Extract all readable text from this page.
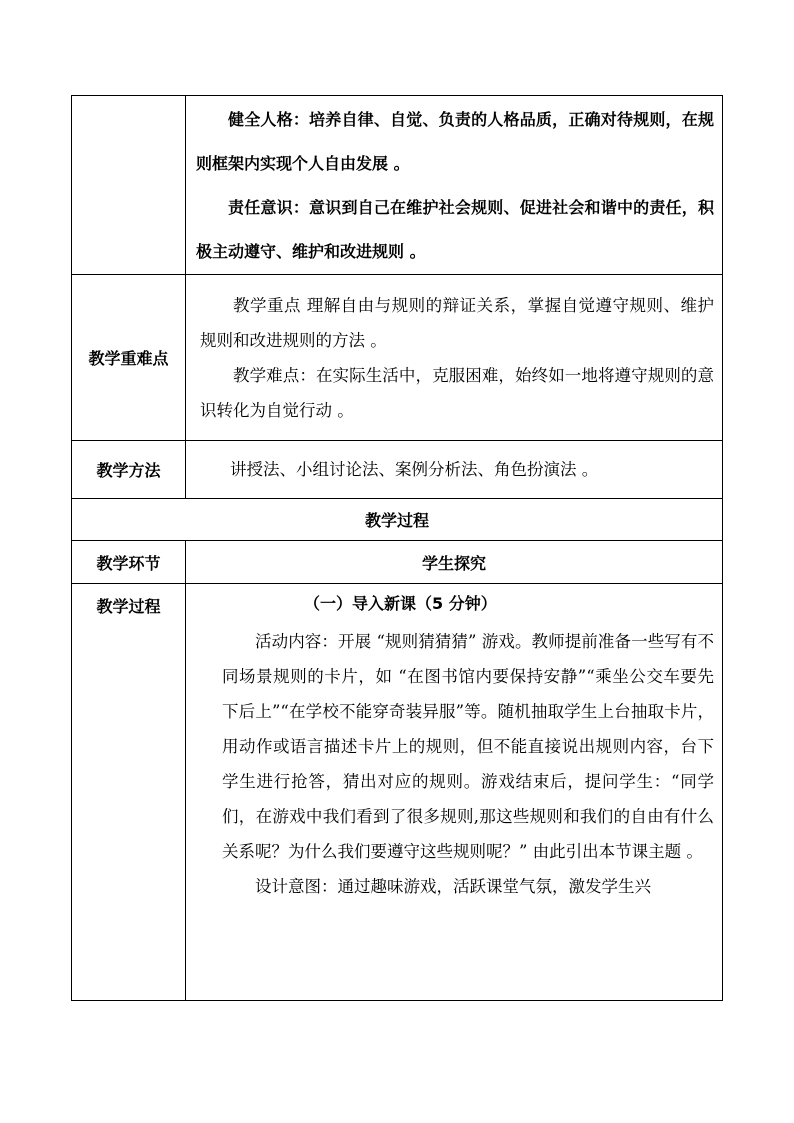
	健全人格：培养自律、自觉、负责的人格品质，正确对待规则，在规则框架内实现个人自由发展 。

责任意识：意识到自己在维护社会规则、促进社会和谐中的责任，积极主动遵守、维护和改进规则 。

教学重难点	教学重点 理解自由与规则的辩证关系，掌握自觉遵守规则、维护规则和改进规则的方法 。

教学难点：在实际生活中，克服困难，始终如一地将遵守规则的意识转化为自觉行动 。

教学方法	讲授法、小组讨论法、案例分析法、角色扮演法 。

教学过程	
教学环节	学生探究
教学过程	（一）导入新课（5 分钟）

活动内容：开展 “规则猜猜猜” 游戏。教师提前准备一些写有不同场景规则的卡片，如 “在图书馆内要保持安静”“乘坐公交车要先下后上”“在学校不能穿奇装异服”等。随机抽取学生上台抽取卡片，用动作或语言描述卡片上的规则，但不能直接说出规则内容，台下学生进行抢答，猜出对应的规则。游戏结束后，提问学生：“同学们，在游戏中我们看到了很多规则,那这些规则和我们的自由有什么关系呢？为什么我们要遵守这些规则呢？” 由此引出本节课主题 。

设计意图：通过趣味游戏，活跃课堂气氛，激发学生兴
